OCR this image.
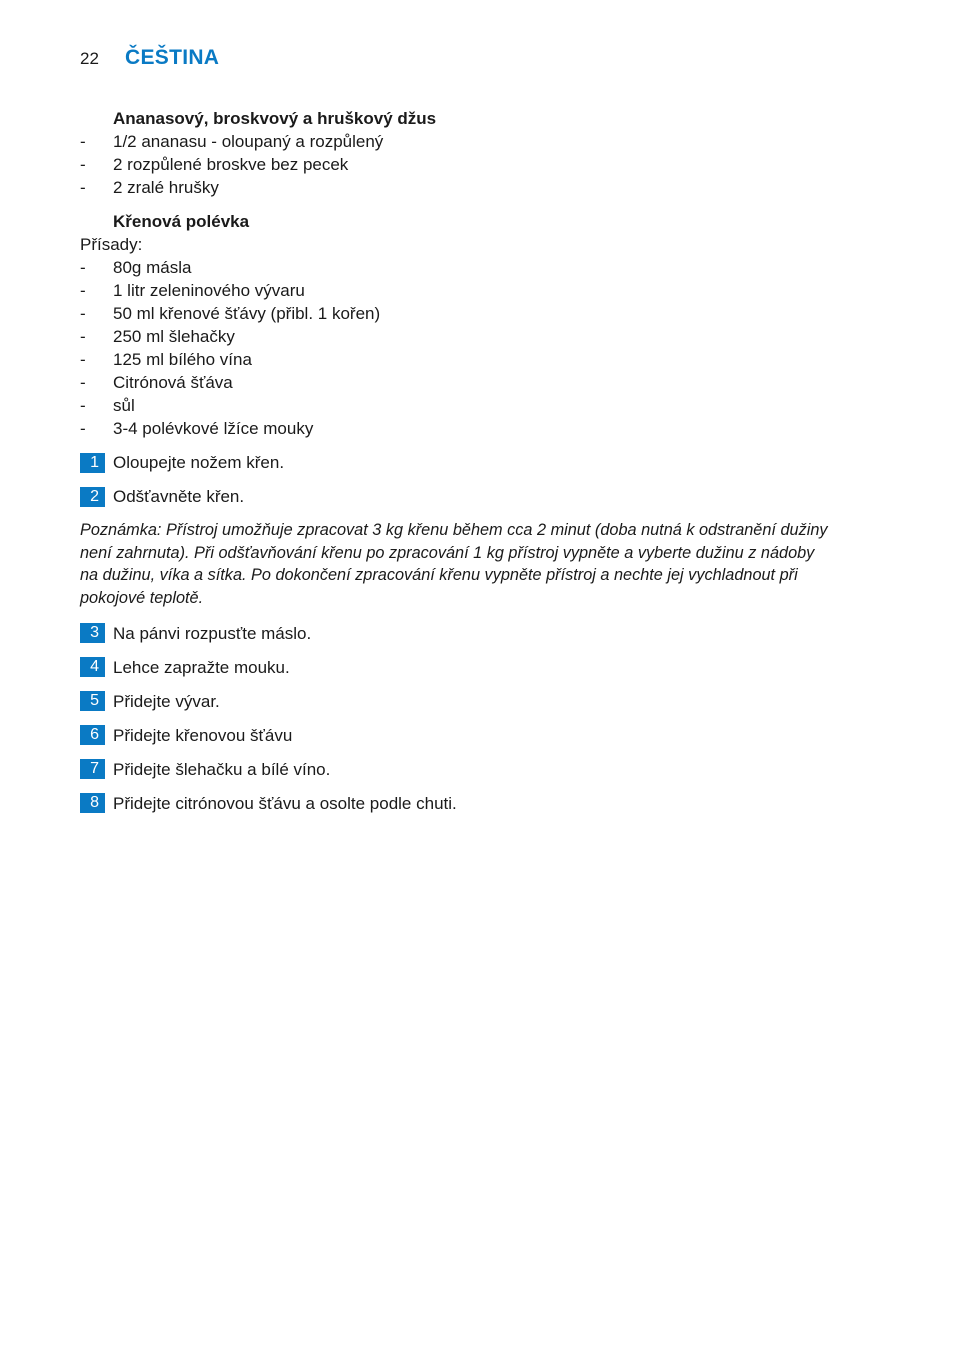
22	ČEŠTINA
Ananasový, broskvový a hruškový džus
-	1/2 ananasu - oloupaný a rozpůlený
-	2 rozpůlené broskve bez pecek
-	2 zralé hrušky
Křenová polévka

Přísady:

-	80g másla
-	1 litr zeleninového vývaru
-	50 ml křenové šťávy (přibl. 1 kořen)
-	250 ml šlehačky
-	125 ml bílého vína
-	Citrónová šťáva
-	sůl
-	3-4 polévkové lžíce mouky
1 Oloupejte nožem křen.
2 Odšťavněte křen.
Poznámka: Přístroj umožňuje zpracovat 3 kg křenu během cca 2 minut (doba nutná k odstranění dužiny
není zahrnuta). Při odšťavňování křenu po zpracování 1 kg přístroj vypněte a vyberte dužinu z nádoby
na dužinu, víka a sítka. Po dokončení zpracování křenu vypněte přístroj a nechte jej vychladnout při
pokojové teplotě.
3 Na pánvi rozpusťte máslo.
4 Lehce zapražte mouku.
5 Přidejte vývar.
6 Přidejte křenovou šťávu
7 Přidejte šlehačku a bílé víno.
8 Přidejte citrónovou šťávu a osolte podle chuti.
